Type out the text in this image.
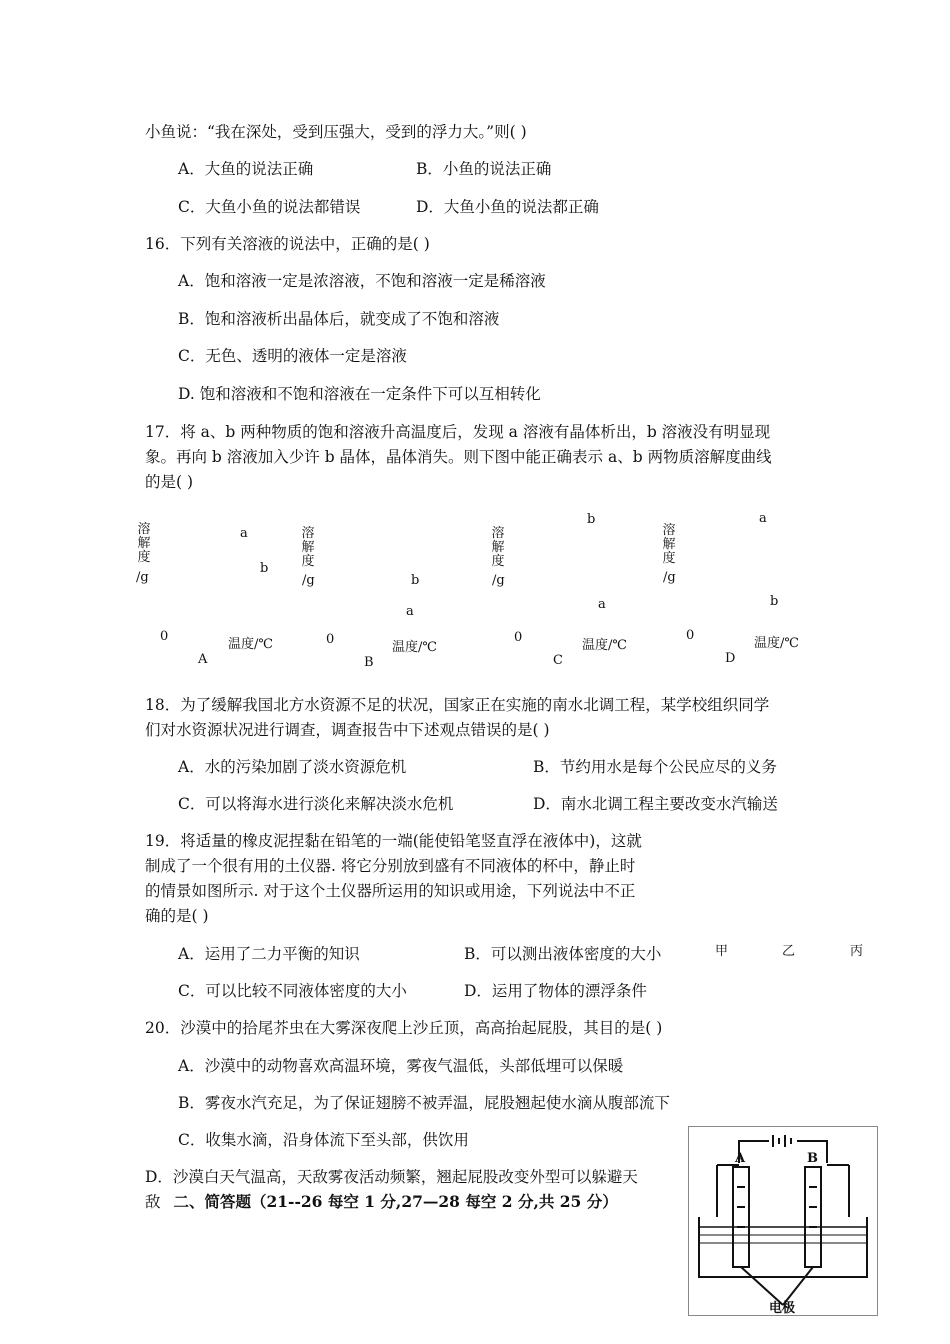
小鱼说：“我在深处，受到压强大，受到的浮力大。”则( )
A．大鱼的说法正确	B．小鱼的说法正确
C．大鱼小鱼的说法都错误	D．大鱼小鱼的说法都正确
16．下列有关溶液的说法中，正确的是( )
A．饱和溶液一定是浓溶液，不饱和溶液一定是稀溶液
B．饱和溶液析出晶体后，就变成了不饱和溶液
C．无色、透明的液体一定是溶液
D. 饱和溶液和不饱和溶液在一定条件下可以互相转化
17．将 a、b 两种物质的饱和溶液升高温度后，发现 a 溶液有晶体析出，b 溶液没有明显现
象。再向 b 溶液加入少许 b 晶体，晶体消失。则下图中能正确表示 a、b 两物质溶解度曲线
的是( )
溶解度
/g
a
b
0
温度/℃
A
溶解度
/g	b
a
0
温度/℃
B
溶解度
/g
b
a
0
温度/℃
C
溶解度
/g
a
b
0
温度/℃
D
18．为了缓解我国北方水资源不足的状况，国家正在实施的南水北调工程，某学校组织同学
们对水资源状况进行调查，调查报告中下述观点错误的是( )
A．水的污染加剧了淡水资源危机	B．节约用水是每个公民应尽的义务
C．可以将海水进行淡化来解决淡水危机	D．南水北调工程主要改变水汽输送
19．将适量的橡皮泥捏黏在铅笔的一端(能使铅笔竖直浮在液体中)，这就
制成了一个很有用的土仪器. 将它分别放到盛有不同液体的杯中，静止时
的情景如图所示. 对于这个土仪器所运用的知识或用途，下列说法中不正
确的是( )
A．运用了二力平衡的知识	B．可以测出液体密度的大小
C．可以比较不同液体密度的大小	D．运用了物体的漂浮条件
甲	乙	丙
20．沙漠中的拾尾芥虫在大雾深夜爬上沙丘顶，高高抬起屁股，其目的是( )
A．沙漠中的动物喜欢高温环境，雾夜气温低，头部低埋可以保暖
B．雾夜水汽充足，为了保证翅膀不被弄温，屁股翘起使水滴从腹部流下
C．收集水滴，沿身体流下至头部，供饮用
D．沙漠白天气温高，天敌雾夜活动频繁，翘起屁股改变外型可以躲避天
敌 二、简答题（21--26 每空 1 分,27—28 每空 2 分,共 25 分）
A	B
电极
